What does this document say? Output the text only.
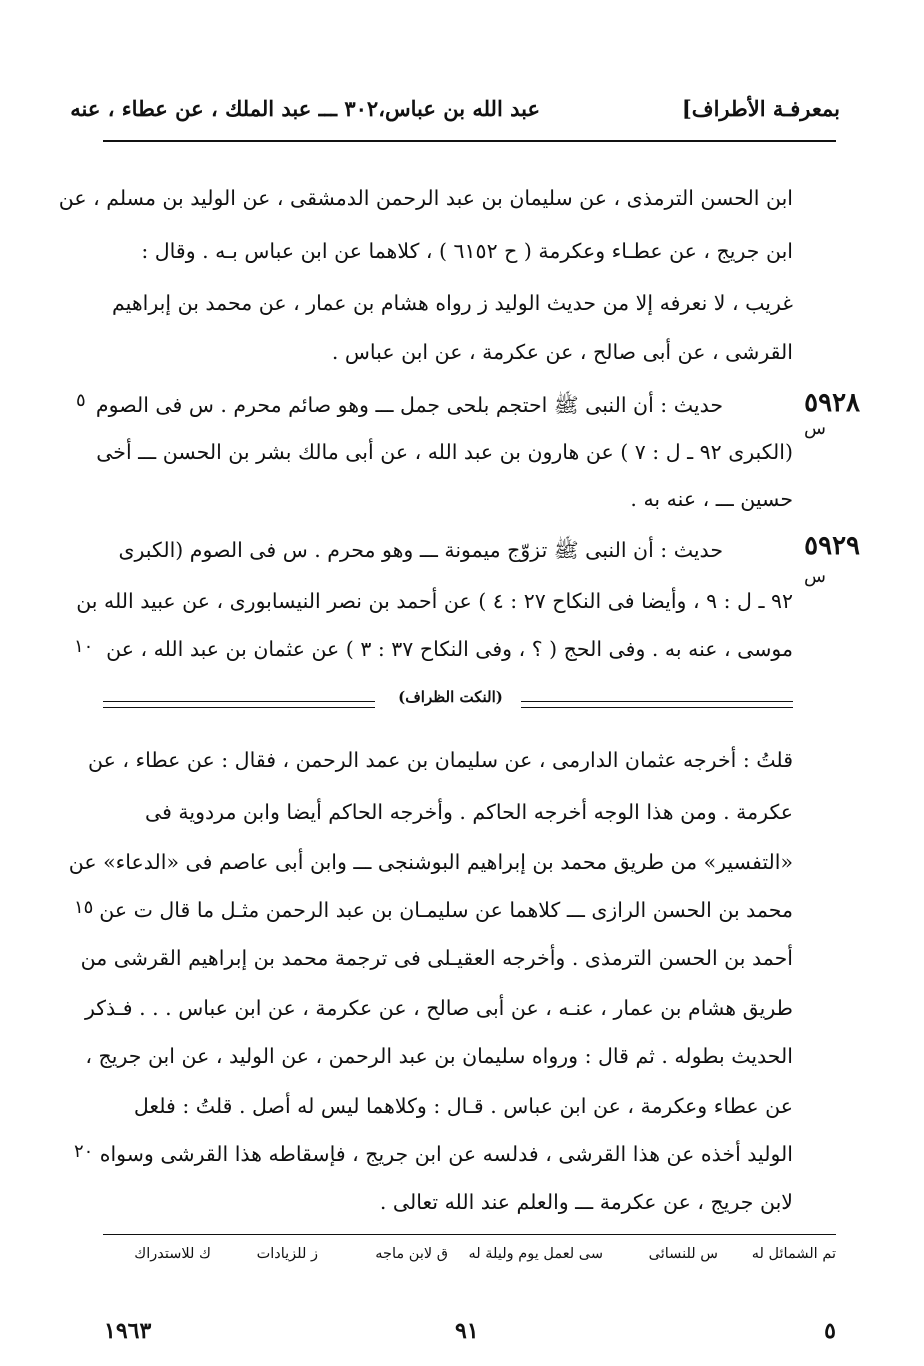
بمعرفـة الأطراف]
عبد الله بن عباس،٣٠٢ ـــ عبد الملك ، عن عطاء ، عنه
ابن الحسن الترمذى ، عن سليمان بن عبد الرحمن الدمشقى ، عن الوليد بن مسلم ، عن
ابن جريج ، عن عطـاء وعكرمة ( ح ٦١٥٢ ) ، كلاهما عن ابن عباس بـه . وقال :
غريب ، لا نعرفه إلا من حديث الوليد ز رواه هشام بن عمار ، عن محمد بن إبراهيم
القرشى ، عن أبى صالح ، عن عكرمة ، عن ابن عباس .
٥٩٢٨
س
٥ حديث : أن النبى ﷺ احتجم بلحى جمل ـــ وهو صائم محرم . س فى الصوم
(الكبرى ٩٢ ـ ل : ٧ ) عن هارون بن عبد الله ، عن أبى مالك بشر بن الحسن ـــ أخى
حسين ـــ ، عنه به .
٥٩٢٩
س
حديث : أن النبى ﷺ تزوّج ميمونة ـــ وهو محرم . س فى الصوم (الكبرى
٩٢ ـ ل : ٩ ، وأيضا فى النكاح ٢٧ : ٤ ) عن أحمد بن نصر النيسابورى ، عن عبيد الله بن
موسى ، عنه به . وفى الحج ( ؟ ، وفى النكاح ٣٧ : ٣ ) عن عثمان بن عبد الله ، عن
١٠
(النكت الظراف)
قلتُ : أخرجه عثمان الدارمى ، عن سليمان بن عمد الرحمن ، فقال : عن عطاء ، عن
عكرمة . ومن هذا الوجه أخرجه الحاكم . وأخرجه الحاكم أيضا وابن مردوية فى
«التفسير» من طريق محمد بن إبراهيم البوشنجى ـــ وابن أبى عاصم فى «الدعاء» عن
محمد بن الحسن الرازى ـــ كلاهما عن سليمـان بن عبد الرحمن مثـل ما قال ت عن
١٥
أحمد بن الحسن الترمذى . وأخرجه العقيـلى فى ترجمة محمد بن إبراهيم القرشى من
طريق هشام بن عمار ، عنـه ، عن أبى صالح ، عن عكرمة ، عن ابن عباس . . . فـذكر
الحديث بطوله . ثم قال : ورواه سليمان بن عبد الرحمن ، عن الوليد ، عن ابن جريج ،
عن عطاء وعكرمة ، عن ابن عباس . قـال : وكلاهما ليس له أصل . قلتُ : فلعل
الوليد أخذه عن هذا القرشى ، فدلسه عن ابن جريج ، فإسقاطه هذا القرشى وسواه
٢٠
لابن جريج ، عن عكرمة ـــ والعلم عند الله تعالى .
تم الشمائل له
س للنسائى
سى لعمل يوم وليلة له
ق لابن ماجه
ز للزيادات
ك للاستدراك
٥
٩١
١٩٦٣
